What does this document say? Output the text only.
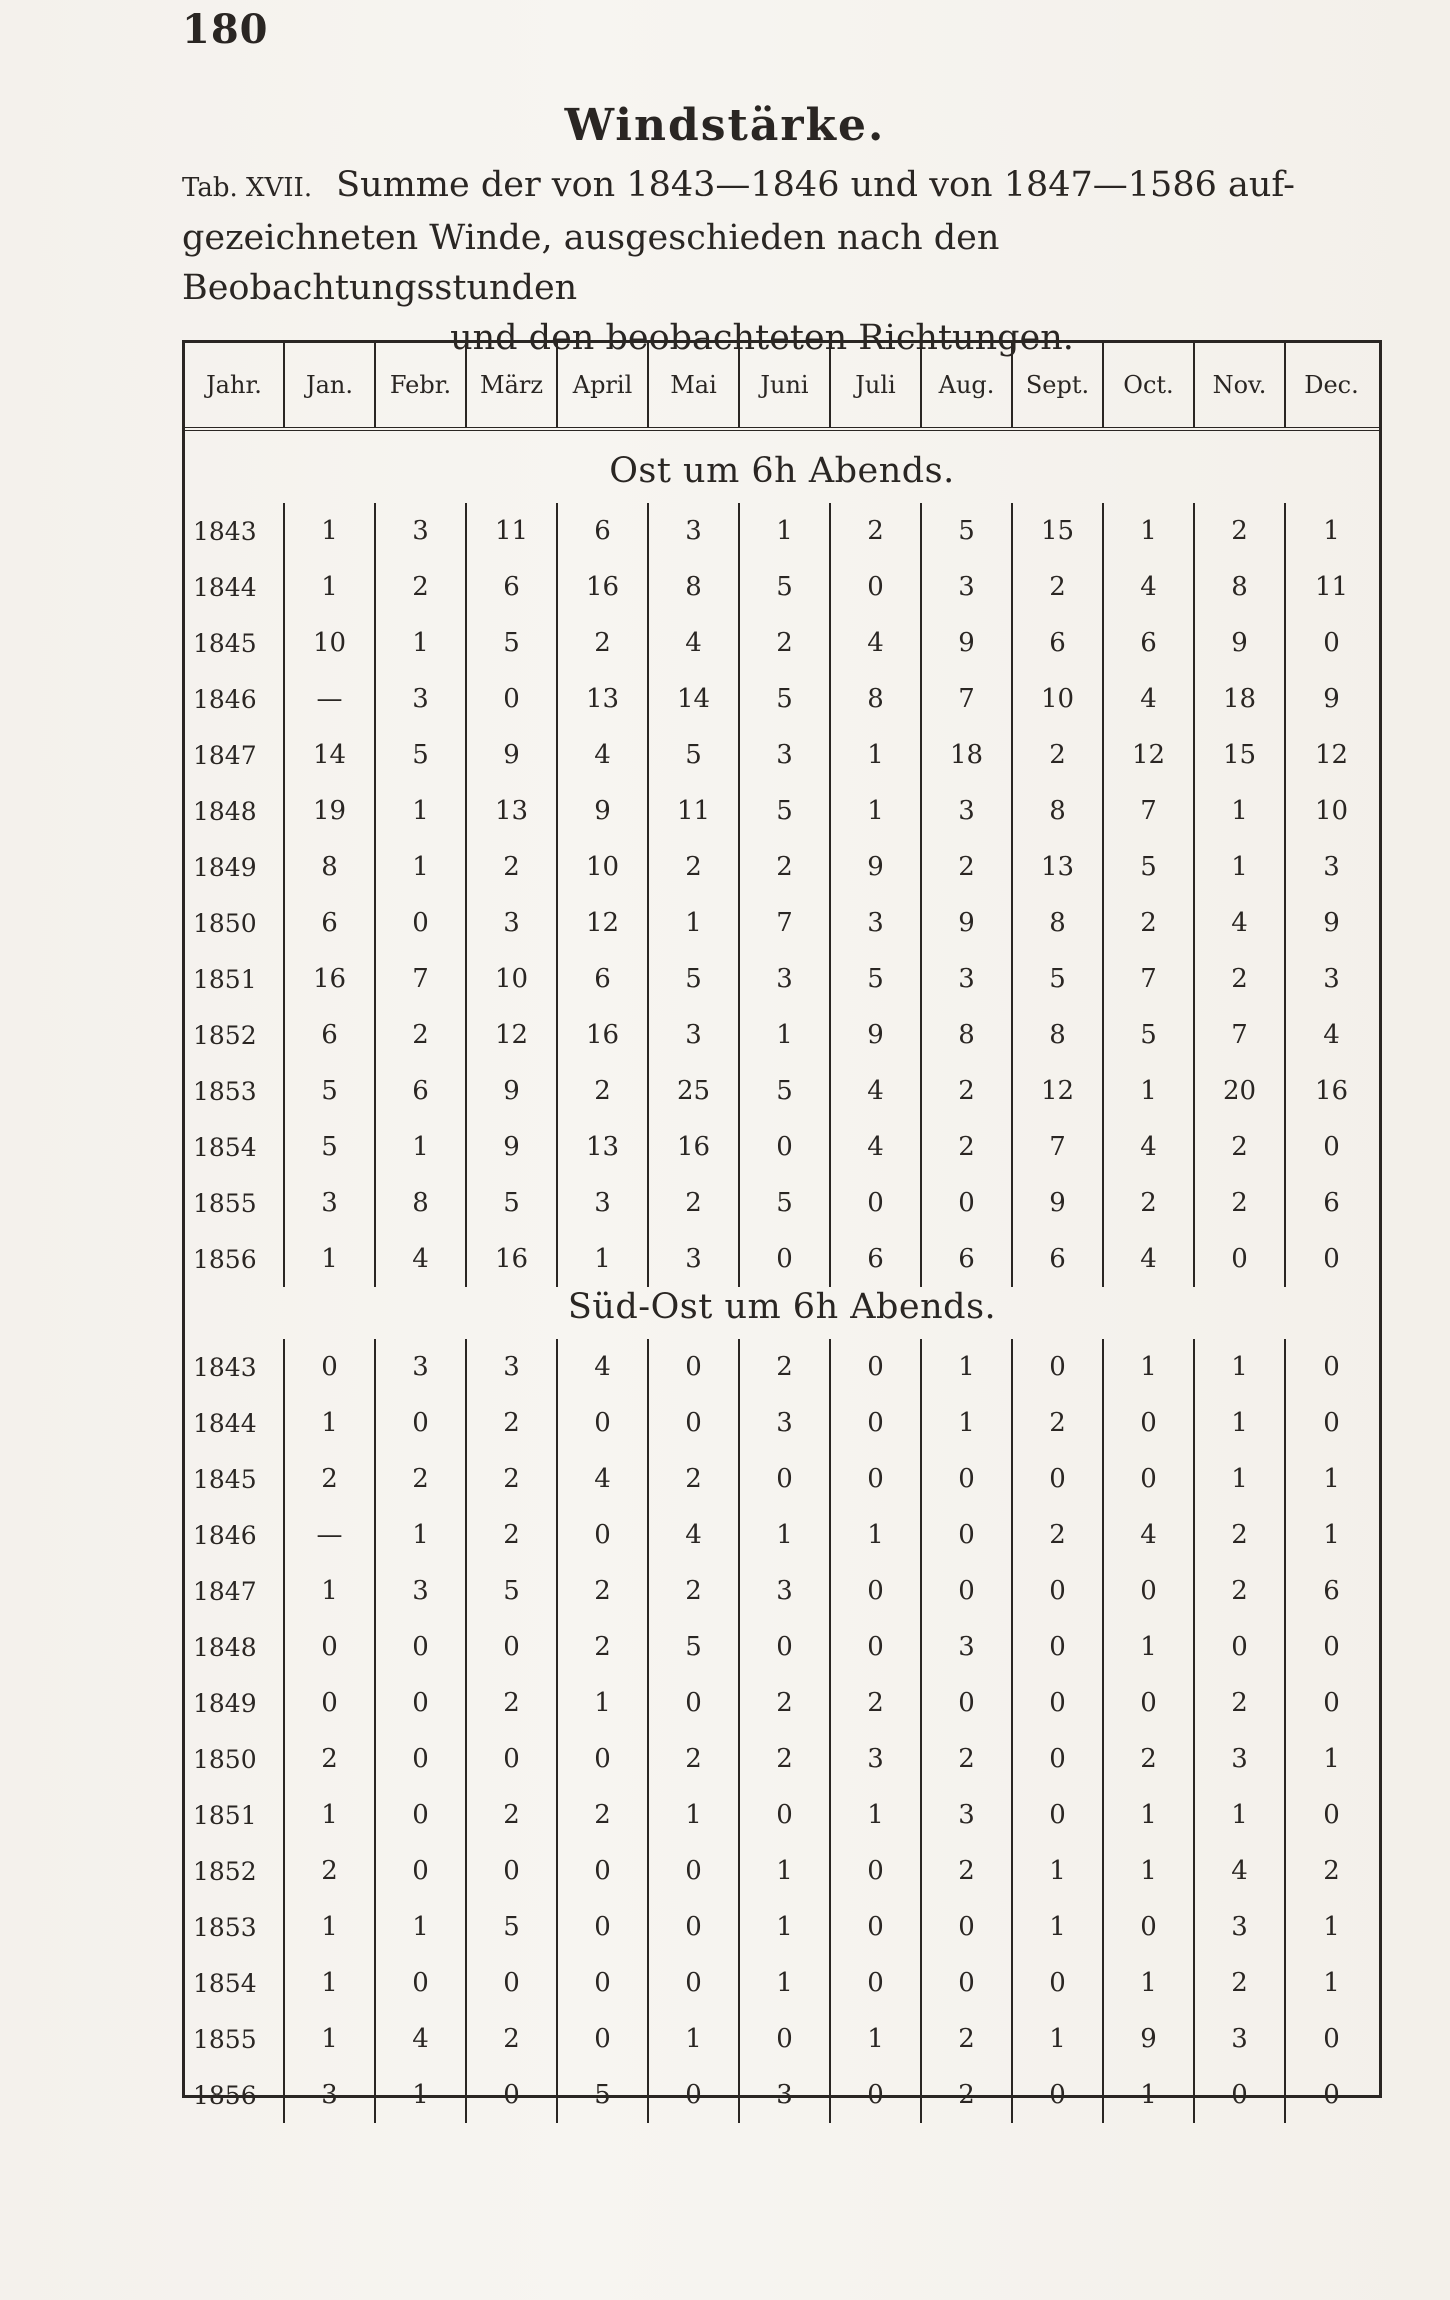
180
Windstärke.
Tab. XVII. Summe der von 1843—1846 und von 1847—1586 auf-
gezeichneten Winde, ausgeschieden nach den Beobachtungsstunden
und den beobachteten Richtungen.
Jahr.	Jan.	Febr.	März	April	Mai	Juni	Juli	Aug.	Sept.	Oct.	Nov.	Dec.
Ost um 6h Abends.
1843	1	3	11	6	3	1	2	5	15	1	2	1
1844	1	2	6	16	8	5	0	3	2	4	8	11
1845	10	1	5	2	4	2	4	9	6	6	9	0
1846	—	3	0	13	14	5	8	7	10	4	18	9
1847	14	5	9	4	5	3	1	18	2	12	15	12
1848	19	1	13	9	11	5	1	3	8	7	1	10
1849	8	1	2	10	2	2	9	2	13	5	1	3
1850	6	0	3	12	1	7	3	9	8	2	4	9
1851	16	7	10	6	5	3	5	3	5	7	2	3
1852	6	2	12	16	3	1	9	8	8	5	7	4
1853	5	6	9	2	25	5	4	2	12	1	20	16
1854	5	1	9	13	16	0	4	2	7	4	2	0
1855	3	8	5	3	2	5	0	0	9	2	2	6
1856	1	4	16	1	3	0	6	6	6	4	0	0
Süd-Ost um 6h Abends.
1843	0	3	3	4	0	2	0	1	0	1	1	0
1844	1	0	2	0	0	3	0	1	2	0	1	0
1845	2	2	2	4	2	0	0	0	0	0	1	1
1846	—	1	2	0	4	1	1	0	2	4	2	1
1847	1	3	5	2	2	3	0	0	0	0	2	6
1848	0	0	0	2	5	0	0	3	0	1	0	0
1849	0	0	2	1	0	2	2	0	0	0	2	0
1850	2	0	0	0	2	2	3	2	0	2	3	1
1851	1	0	2	2	1	0	1	3	0	1	1	0
1852	2	0	0	0	0	1	0	2	1	1	4	2
1853	1	1	5	0	0	1	0	0	1	0	3	1
1854	1	0	0	0	0	1	0	0	0	1	2	1
1855	1	4	2	0	1	0	1	2	1	9	3	0
1856	3	1	0	5	0	3	0	2	0	1	0	0
